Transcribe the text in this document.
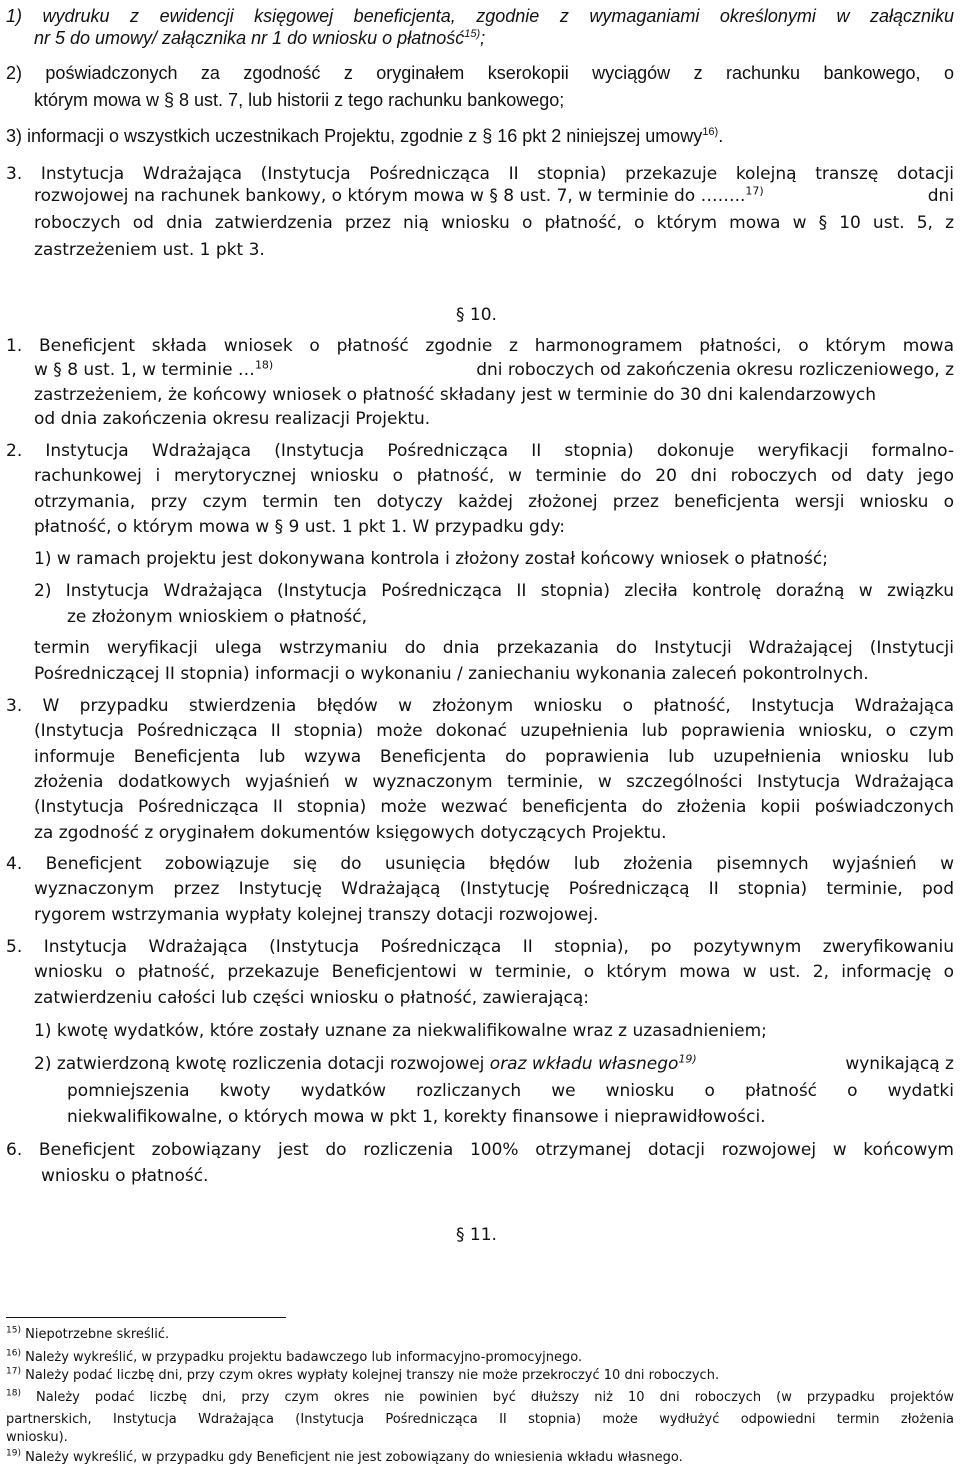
1) wydruku z ewidencji księgowej beneficjenta, zgodnie z wymaganiami określonymi w załączniku
nr 5 do umowy/ załącznika nr 1 do wniosku o płatność$^{15)}$;
2) poświadczonych za zgodność z oryginałem kserokopii wyciągów z rachunku bankowego, o
którym mowa w § 8 ust. 7, lub historii z tego rachunku bankowego;
3) informacji o wszystkich uczestnikach Projektu, zgodnie z § 16 pkt 2 niniejszej umowy$^{16)}$.
3. Instytucja Wdrażająca (Instytucja Pośrednicząca II stopnia) przekazuje kolejną transzę dotacji
rozwojowej na rachunek bankowy, o którym mowa w § 8 ust. 7, w terminie do ……..$^{17)}$	dni
roboczych od dnia zatwierdzenia przez nią wniosku o płatność, o którym mowa w § 10 ust. 5, z
zastrzeżeniem ust. 1 pkt 3.
§ 10.
1. Beneficjent składa wniosek o płatność zgodnie z harmonogramem płatności, o którym mowa
w § 8 ust. 1, w terminie …$^{18)}$	dni roboczych od zakończenia okresu rozliczeniowego, z
zastrzeżeniem, że końcowy wniosek o płatność składany jest w terminie do 30 dni kalendarzowych
od dnia zakończenia okresu realizacji Projektu.
2. Instytucja Wdrażająca (Instytucja Pośrednicząca II stopnia) dokonuje weryfikacji formalno-
rachunkowej i merytorycznej wniosku o płatność, w terminie do 20 dni roboczych od daty jego
otrzymania, przy czym termin ten dotyczy każdej złożonej przez beneficjenta wersji wniosku o
płatność, o którym mowa w § 9 ust. 1 pkt 1. W przypadku gdy:
1) w ramach projektu jest dokonywana kontrola i złożony został końcowy wniosek o płatność;
2) Instytucja Wdrażająca (Instytucja Pośrednicząca II stopnia) zleciła kontrolę doraźną w związku
ze złożonym wnioskiem o płatność,
termin weryfikacji ulega wstrzymaniu do dnia przekazania do Instytucji Wdrażającej (Instytucji
Pośredniczącej II stopnia) informacji o wykonaniu / zaniechaniu wykonania zaleceń pokontrolnych.
3. W przypadku stwierdzenia błędów w złożonym wniosku o płatność, Instytucja Wdrażająca
(Instytucja Pośrednicząca II stopnia) może dokonać uzupełnienia lub poprawienia wniosku, o czym
informuje Beneficjenta lub wzywa Beneficjenta do poprawienia lub uzupełnienia wniosku lub
złożenia dodatkowych wyjaśnień w wyznaczonym terminie, w szczególności Instytucja Wdrażająca
(Instytucja Pośrednicząca II stopnia) może wezwać beneficjenta do złożenia kopii poświadczonych
za zgodność z oryginałem dokumentów księgowych dotyczących Projektu.
4. Beneficjent zobowiązuje się do usunięcia błędów lub złożenia pisemnych wyjaśnień w
wyznaczonym przez Instytucję Wdrażającą (Instytucję Pośredniczącą II stopnia) terminie, pod
rygorem wstrzymania wypłaty kolejnej transzy dotacji rozwojowej.
5. Instytucja Wdrażająca (Instytucja Pośrednicząca II stopnia), po pozytywnym zweryfikowaniu
wniosku o płatność, przekazuje Beneficjentowi w terminie, o którym mowa w ust. 2, informację o
zatwierdzeniu całości lub części wniosku o płatność, zawierającą:
1) kwotę wydatków, które zostały uznane za niekwalifikowalne wraz z uzasadnieniem;
2) zatwierdzoną kwotę rozliczenia dotacji rozwojowej oraz wkładu własnego$^{19)}$	wynikającą z
pomniejszenia kwoty wydatków rozliczanych we wniosku o płatność o wydatki
niekwalifikowalne, o których mowa w pkt 1, korekty finansowe i nieprawidłowości.
6. Beneficjent zobowiązany jest do rozliczenia 100% otrzymanej dotacji rozwojowej w końcowym
wniosku o płatność.
§ 11.
$^{15)}$ Niepotrzebne skreślić.
$^{16)}$ Należy wykreślić, w przypadku projektu badawczego lub informacyjno-promocyjnego.
$^{17)}$ Należy podać liczbę dni, przy czym okres wypłaty kolejnej transzy nie może przekroczyć 10 dni roboczych.
$^{18)}$ Należy podać liczbę dni, przy czym okres nie powinien być dłuższy niż 10 dni roboczych (w przypadku projektów
partnerskich, Instytucja Wdrażająca (Instytucja Pośrednicząca II stopnia) może wydłużyć odpowiedni termin złożenia
wniosku).
$^{19)}$ Należy wykreślić, w przypadku gdy Beneficjent nie jest zobowiązany do wniesienia wkładu własnego.
